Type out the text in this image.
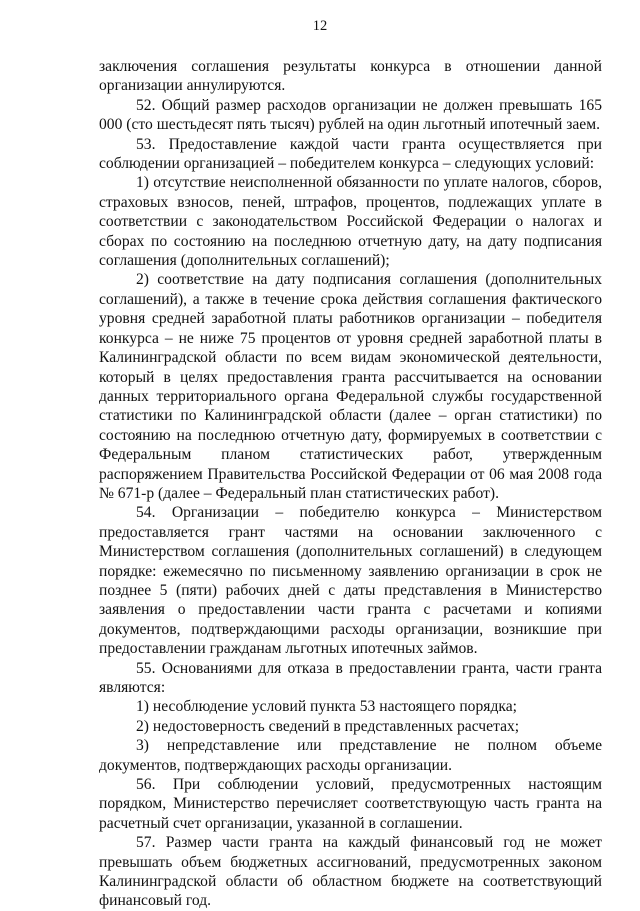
12

заключения соглашения результаты конкурса в отношении данной организации аннулируются.

52. Общий размер расходов организации не должен превышать 165 000 (сто шестьдесят пять тысяч) рублей на один льготный ипотечный заем.

53. Предоставление каждой части гранта осуществляется при соблюдении организацией – победителем конкурса – следующих условий:

1) отсутствие неисполненной обязанности по уплате налогов, сборов, страховых взносов, пеней, штрафов, процентов, подлежащих уплате в соответствии с законодательством Российской Федерации о налогах и сборах по состоянию на последнюю отчетную дату, на дату подписания соглашения (дополнительных соглашений);

2) соответствие на дату подписания соглашения (дополнительных соглашений), а также в течение срока действия соглашения фактического уровня средней заработной платы работников организации – победителя конкурса – не ниже 75 процентов от уровня средней заработной платы в Калининградской области по всем видам экономической деятельности, который в целях предоставления гранта рассчитывается на основании данных территориального органа Федеральной службы государственной статистики по Калининградской области (далее – орган статистики) по состоянию на последнюю отчетную дату, формируемых в соответствии с Федеральным планом статистических работ, утвержденным распоряжением Правительства Российской Федерации от 06 мая 2008 года № 671-р (далее – Федеральный план статистических работ).

54. Организации – победителю конкурса – Министерством предоставляется грант частями на основании заключенного с Министерством соглашения (дополнительных соглашений) в следующем порядке: ежемесячно по письменному заявлению организации в срок не позднее 5 (пяти) рабочих дней с даты представления в Министерство заявления о предоставлении части гранта с расчетами и копиями документов, подтверждающими расходы организации, возникшие при предоставлении гражданам льготных ипотечных займов.

55. Основаниями для отказа в предоставлении гранта, части гранта являются:

1) несоблюдение условий пункта 53 настоящего порядка;

2) недостоверность сведений в представленных расчетах;

3) непредставление или представление не полном объеме документов, подтверждающих расходы организации.

56. При соблюдении условий, предусмотренных настоящим порядком, Министерство перечисляет соответствующую часть гранта на расчетный счет организации, указанной в соглашении.

57. Размер части гранта на каждый финансовый год не может превышать объем бюджетных ассигнований, предусмотренных законом Калининградской области об областном бюджете на соответствующий финансовый год.
